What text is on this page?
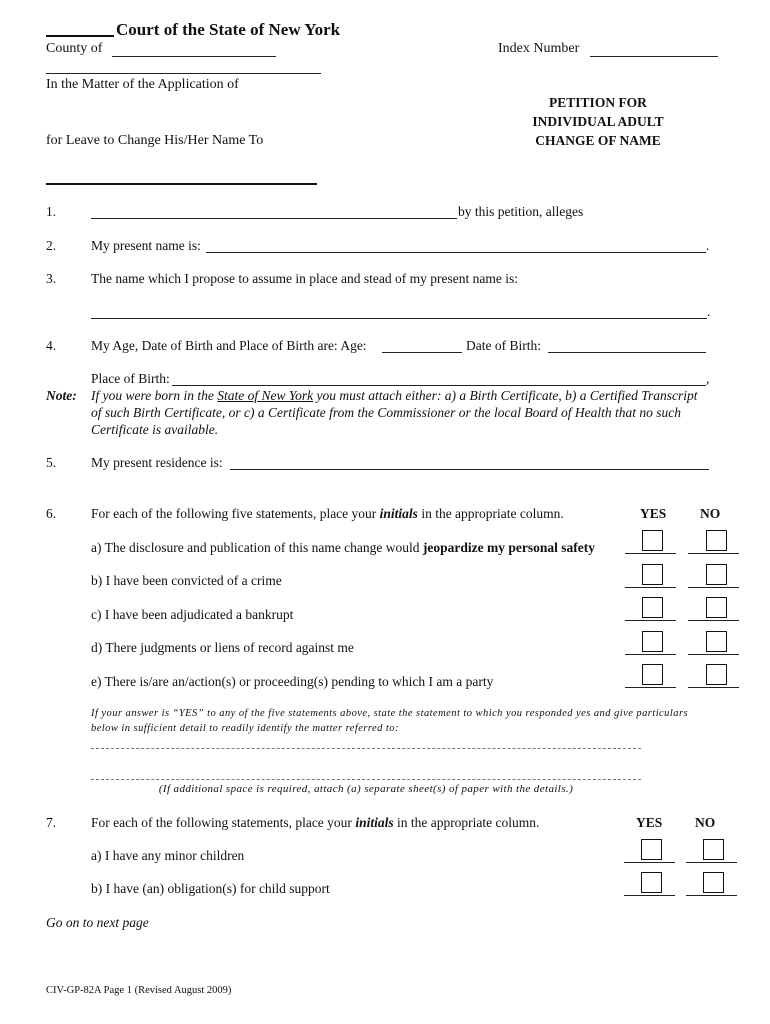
Court of the State of New York
County of	Index Number
In the Matter of the Application of
PETITION FOR
INDIVIDUAL ADULT
CHANGE OF NAME
for Leave to Change His/Her Name To
1.	by this petition, alleges
2.	My present name is:	.
3.	The name which I propose to assume in place and stead of my present name is:
.
4.	My Age, Date of Birth and Place of Birth are: Age:	Date of Birth:
Place of Birth:	,
Note: If you were born in the State of New York you must attach either: a) a Birth Certificate, b) a Certified Transcript
of such Birth Certificate, or c) a Certificate from the Commissioner or the local Board of Health that no such
Certificate is available.
5.	My present residence is:
6.	For each of the following five statements, place your initials in the appropriate column.	YES NO
a) The disclosure and publication of this name change would jeopardize my personal safety
b) I have been convicted of a crime
c) I have been adjudicated a bankrupt
d) There judgments or liens of record against me
e) There is/are an/action(s) or proceeding(s) pending to which I am a party
If your answer is “YES” to any of the five statements above, state the statement to which you responded yes and give particulars
below in sufficient detail to readily identify the matter referred to:
(If additional space is required, attach (a) separate sheet(s) of paper with the details.)
7.	For each of the following statements, place your initials in the appropriate column.	YES NO
a) I have any minor children
b) I have (an) obligation(s) for child support
Go on to next page
CIV-GP-82A Page 1 (Revised August 2009)
